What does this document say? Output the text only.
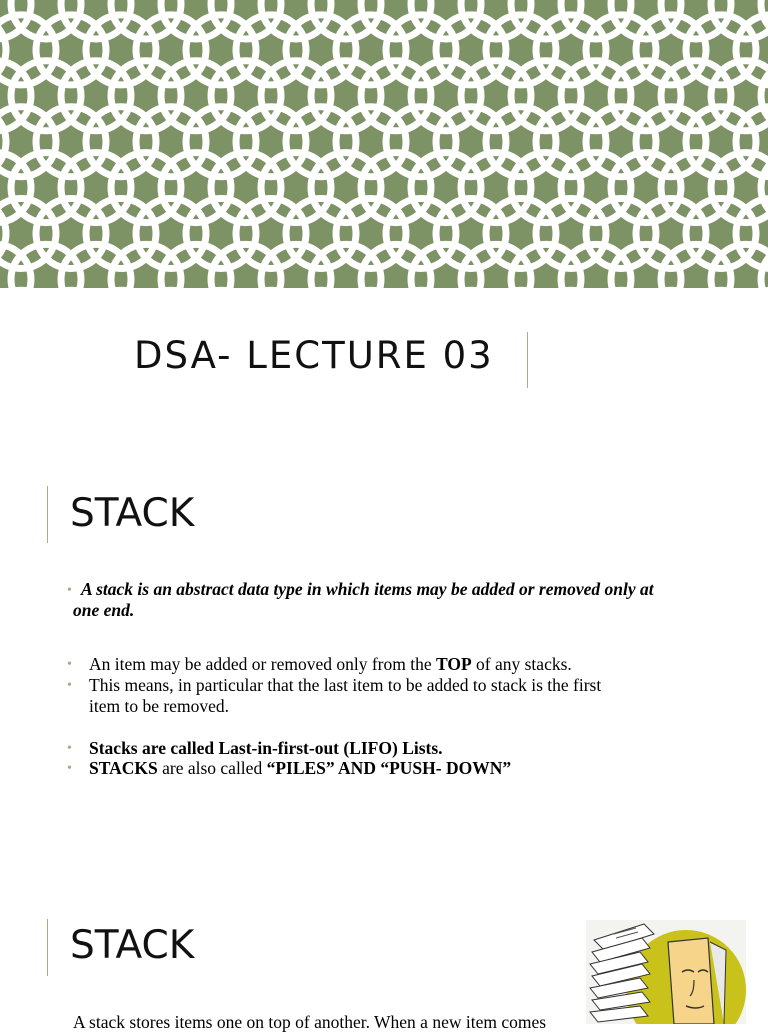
DSA- LECTURE 03
STACK
• A stack is an abstract data type in which items may be added or removed only at one end.

• An item may be added or removed only from the TOP of any stacks.

• This means, in particular that the last item to be added to stack is the first
item to be removed.

• Stacks are called Last-in-first-out (LIFO) Lists.

• STACKS are also called “PILES” AND “PUSH- DOWN”

STACK

A stack stores items one on top of another. When a new item comes
